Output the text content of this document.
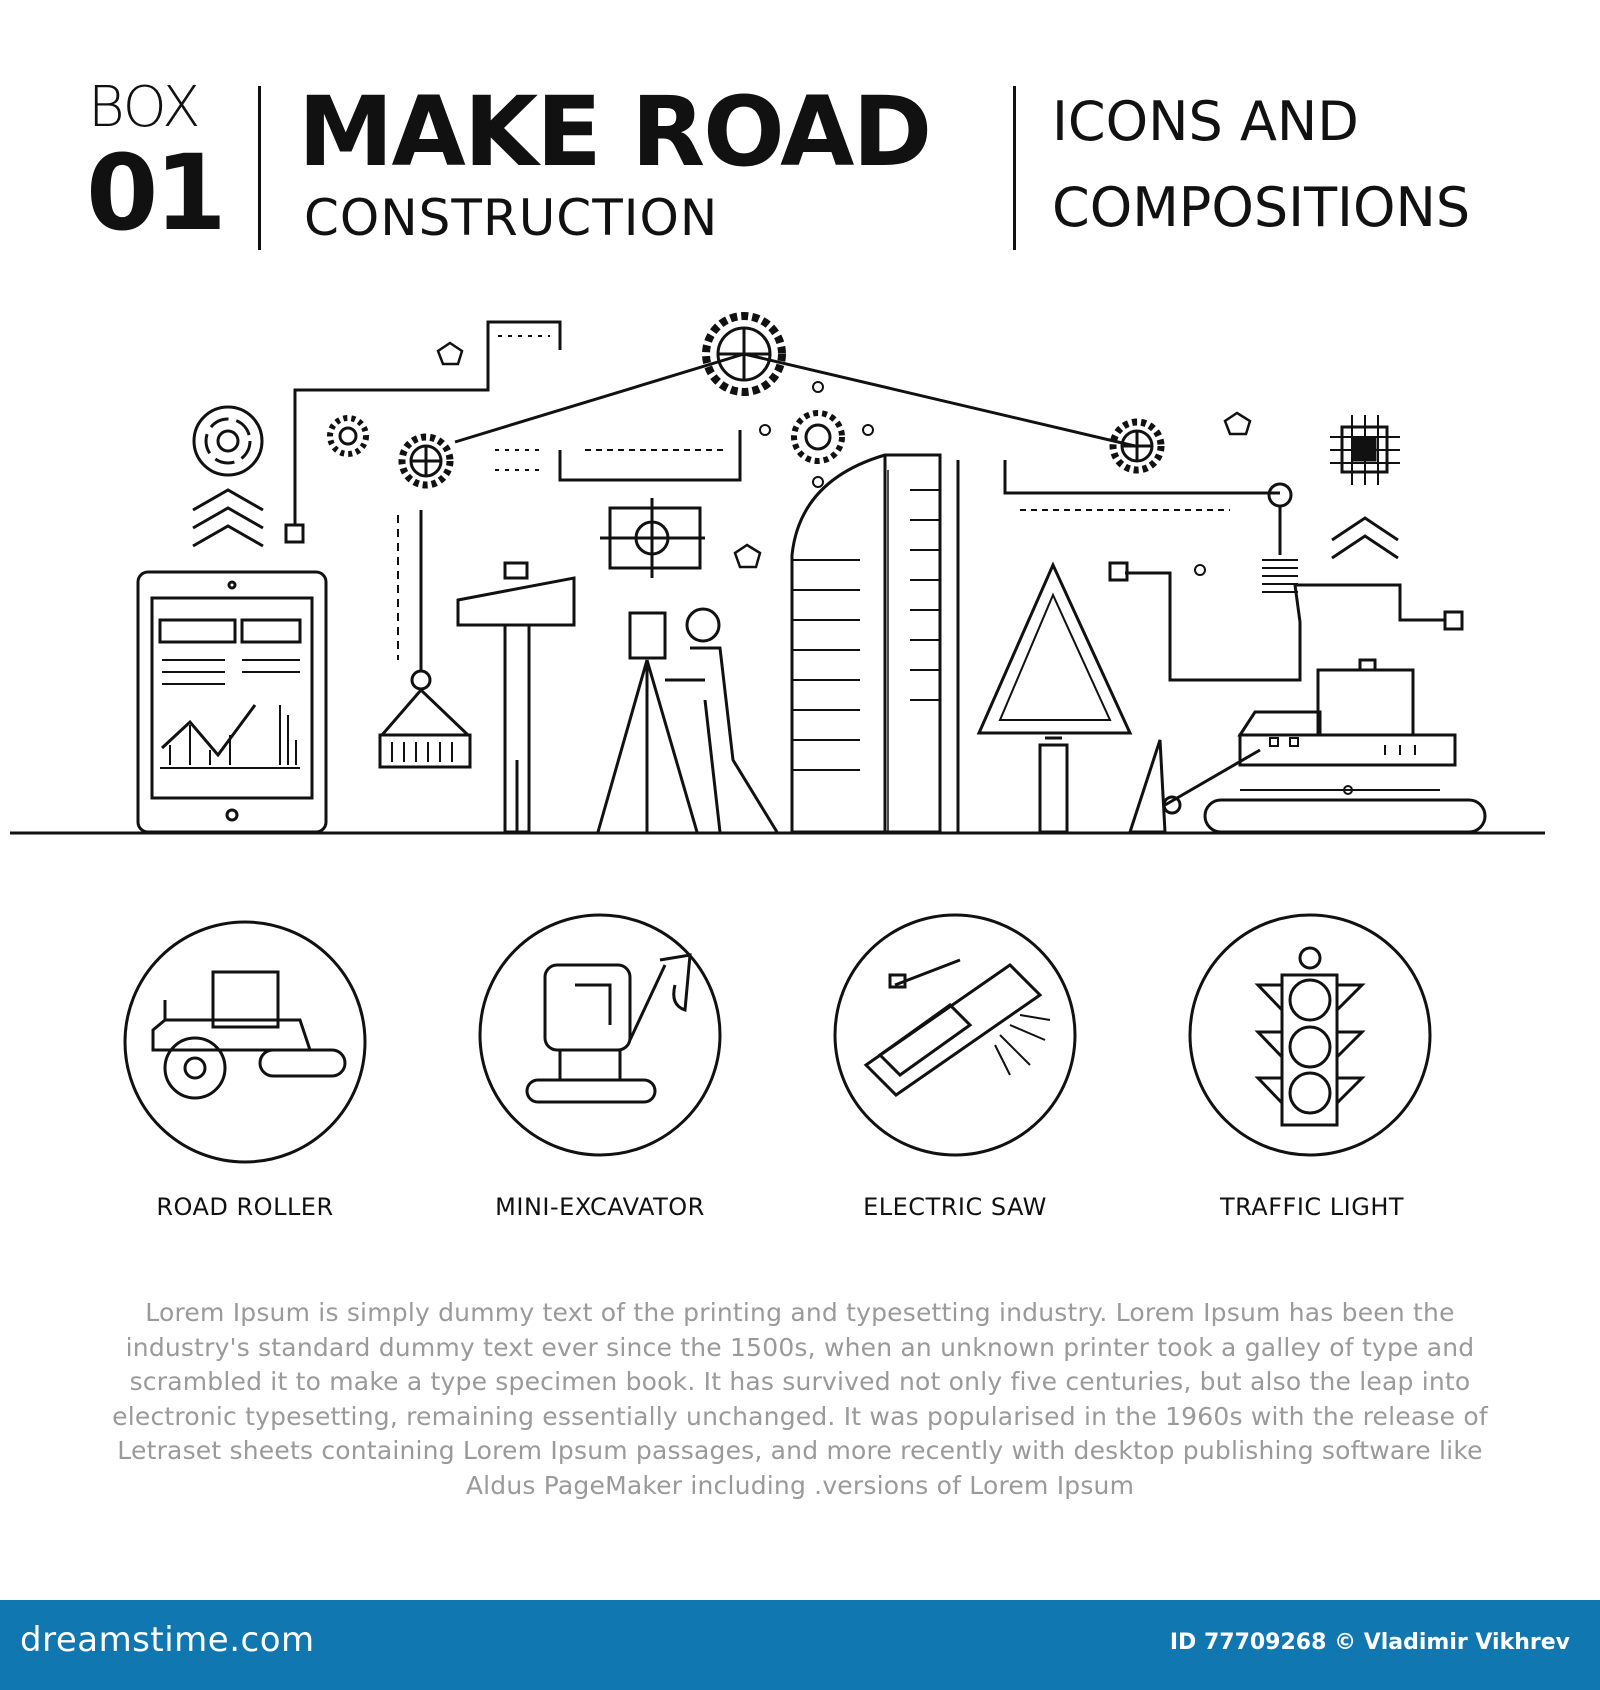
BOX
01 MAKE ROAD
CONSTRUCTION
ICONS AND
COMPOSITIONS
ROAD ROLLER	MINI-EXCAVATOR	ELECTRIC SAW	TRAFFIC LIGHT
Lorem Ipsum is simply dummy text of the printing and typesetting industry. Lorem Ipsum has been the industry's standard dummy text ever since the 1500s, when an unknown printer took a galley of type and scrambled it to make a type specimen book. It has survived not only five centuries, but also the leap into electronic typesetting, remaining essentially unchanged. It was popularised in the 1960s with the release of Letraset sheets containing Lorem Ipsum passages, and more recently with desktop publishing software like Aldus PageMaker including .versions of Lorem Ipsum
dreamstime.com	ID 77709268 © Vladimir Vikhrev
